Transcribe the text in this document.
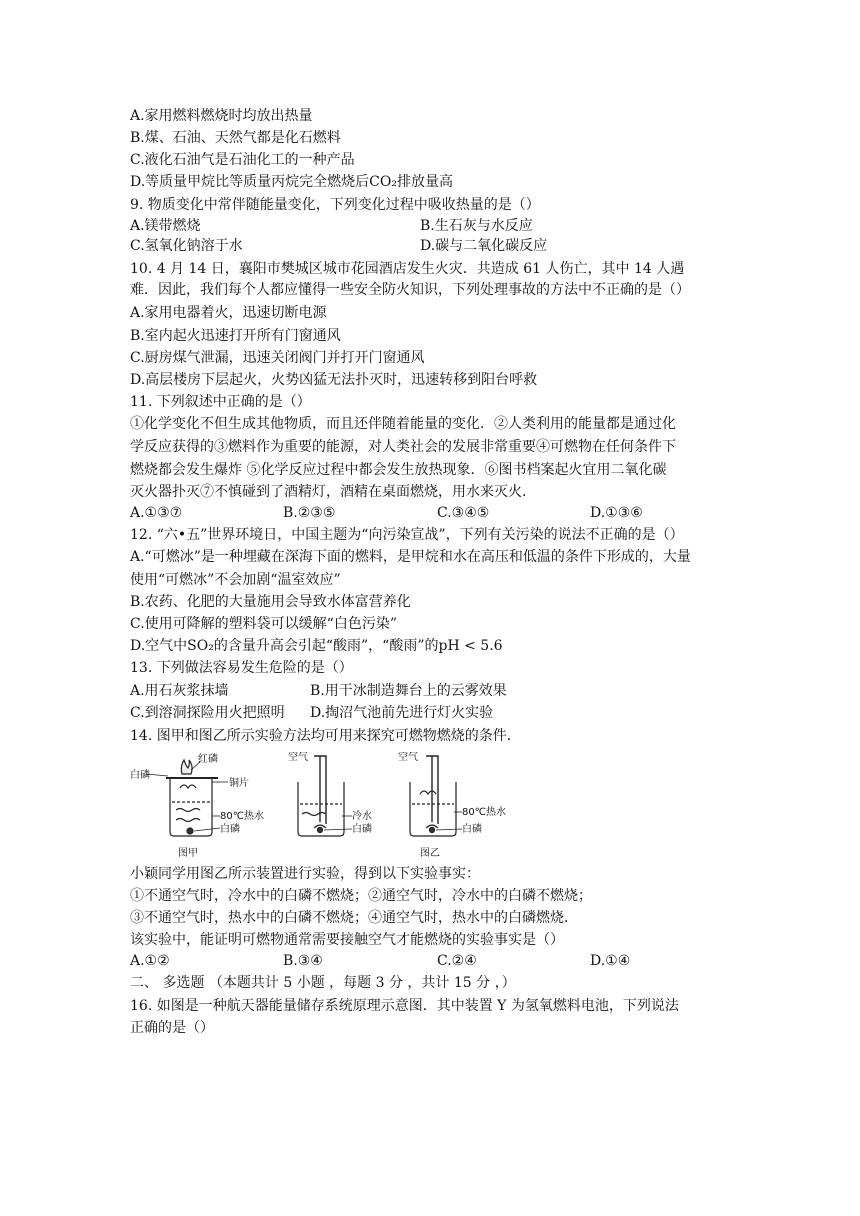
A.家用燃料燃烧时均放出热量
B.煤、石油、天然气都是化石燃料
C.液化石油气是石油化工的一种产品
D.等质量甲烷比等质量丙烷完全燃烧后CO₂排放量高
9. 物质变化中常伴随能量变化，下列变化过程中吸收热量的是（）
A.镁带燃烧	B.生石灰与水反应
C.氢氧化钠溶于水	D.碳与二氧化碳反应
10. 4 月 14 日，襄阳市樊城区城市花园酒店发生火灾．共造成 61 人伤亡，其中 14 人遇
难．因此，我们每个人都应懂得一些安全防火知识，下列处理事故的方法中不正确的是（）
A.家用电器着火，迅速切断电源
B.室内起火迅速打开所有门窗通风
C.厨房煤气泄漏，迅速关闭阀门并打开门窗通风
D.高层楼房下层起火，火势凶猛无法扑灭时，迅速转移到阳台呼救
11. 下列叙述中正确的是（）
①化学变化不但生成其他物质，而且还伴随着能量的变化．②人类利用的能量都是通过化
学反应获得的③燃料作为重要的能源，对人类社会的发展非常重要④可燃物在任何条件下
燃烧都会发生爆炸 ⑤化学反应过程中都会发生放热现象．⑥图书档案起火宜用二氧化碳
灭火器扑灭⑦不慎碰到了酒精灯，酒精在桌面燃烧，用水来灭火．
A.①③⑦	B.②③⑤	C.③④⑤	D.①③⑥
12. “六•五”世界环境日，中国主题为“向污染宣战”，下列有关污染的说法不正确的是（）
A.“可燃冰”是一种埋藏在深海下面的燃料，是甲烷和水在高压和低温的条件下形成的，大量
使用“可燃冰”不会加剧“温室效应”
B.农药、化肥的大量施用会导致水体富营养化
C.使用可降解的塑料袋可以缓解“白色污染”
D.空气中SO₂的含量升高会引起“酸雨”，“酸雨”的pH < 5.6
13. 下列做法容易发生危险的是（）
A.用石灰浆抹墙	B.用干冰制造舞台上的云雾效果
C.到溶洞探险用火把照明 D.掏沼气池前先进行灯火实验
14. 图甲和图乙所示实验方法均可用来探究可燃物燃烧的条件．
红磷
白磷
铜片
80℃热水
白磷
图甲
空气
冷水
白磷
空气
80℃热水
白磷
图乙
小颖同学用图乙所示装置进行实验，得到以下实验事实：
①不通空气时，冷水中的白磷不燃烧；②通空气时，冷水中的白磷不燃烧；
③不通空气时，热水中的白磷不燃烧；④通空气时，热水中的白磷燃烧．
该实验中，能证明可燃物通常需要接触空气才能燃烧的实验事实是（）
A.①②	B.③④	C.②④	D.①④
二、 多选题 （本题共计 5 小题 ，每题 3 分 ，共计 15 分 ，）
16. 如图是一种航天器能量储存系统原理示意图．其中装置 Y 为氢氧燃料电池，下列说法
正确的是（）
